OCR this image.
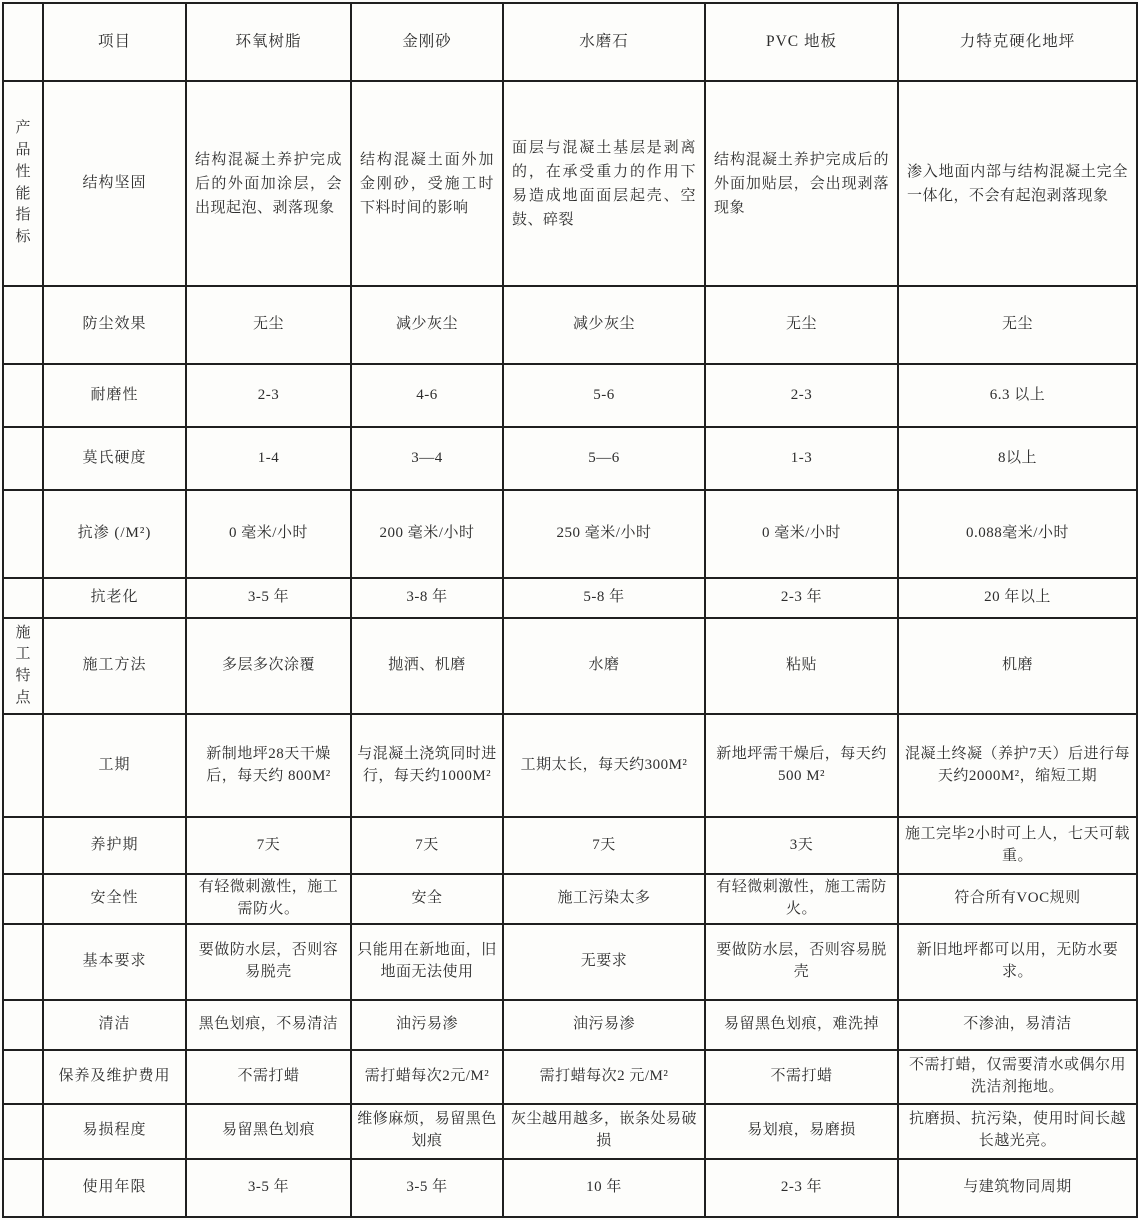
	项目	环氧树脂	金刚砂	水磨石	PVC 地板	力特克硬化地坪
产品性能指标	结构坚固	结构混凝土养护完成后的外面加涂层，会出现起泡、剥落现象	结构混凝土面外加金刚砂，受施工时下料时间的影响	面层与混凝土基层是剥离的，在承受重力的作用下易造成地面面层起壳、空鼓、碎裂	结构混凝土养护完成后的外面加贴层，会出现剥落现象	渗入地面内部与结构混凝土完全一体化，不会有起泡剥落现象
	防尘效果	无尘	减少灰尘	减少灰尘	无尘	无尘
	耐磨性	2-3	4-6	5-6	2-3	6.3 以上
	莫氏硬度	1-4	3—4	5—6	1-3	8以上
	抗渗 (/M²)	0 毫米/小时	200 毫米/小时	250 毫米/小时	0 毫米/小时	0.088毫米/小时
	抗老化	3-5 年	3-8 年	5-8 年	2-3 年	20 年以上
施工特点	施工方法	多层多次涂覆	抛洒、机磨	水磨	粘贴	机磨
	工期	新制地坪28天干燥后，每天约 800M²	与混凝土浇筑同时进行，每天约1000M²	工期太长，每天约300M²	新地坪需干燥后，每天约500 M²	混凝土终凝（养护7天）后进行每天约2000M²，缩短工期
	养护期	7天	7天	7天	3天	施工完毕2小时可上人，七天可载重。
	安全性	有轻微刺激性，施工需防火。	安全	施工污染太多	有轻微刺激性，施工需防火。	符合所有VOC规则
	基本要求	要做防水层，否则容易脱壳	只能用在新地面，旧地面无法使用	无要求	要做防水层，否则容易脱壳	新旧地坪都可以用，无防水要求。
	清洁	黑色划痕，不易清洁	油污易渗	油污易渗	易留黑色划痕，难洗掉	不渗油，易清洁
	保养及维护费用	不需打蜡	需打蜡每次2元/M²	需打蜡每次2 元/M²	不需打蜡	不需打蜡，仅需要清水或偶尔用洗洁剂拖地。
	易损程度	易留黑色划痕	维修麻烦，易留黑色划痕	灰尘越用越多，嵌条处易破损	易划痕，易磨损	抗磨损、抗污染，使用时间长越长越光亮。
	使用年限	3-5 年	3-5 年	10 年	2-3 年	与建筑物同周期
